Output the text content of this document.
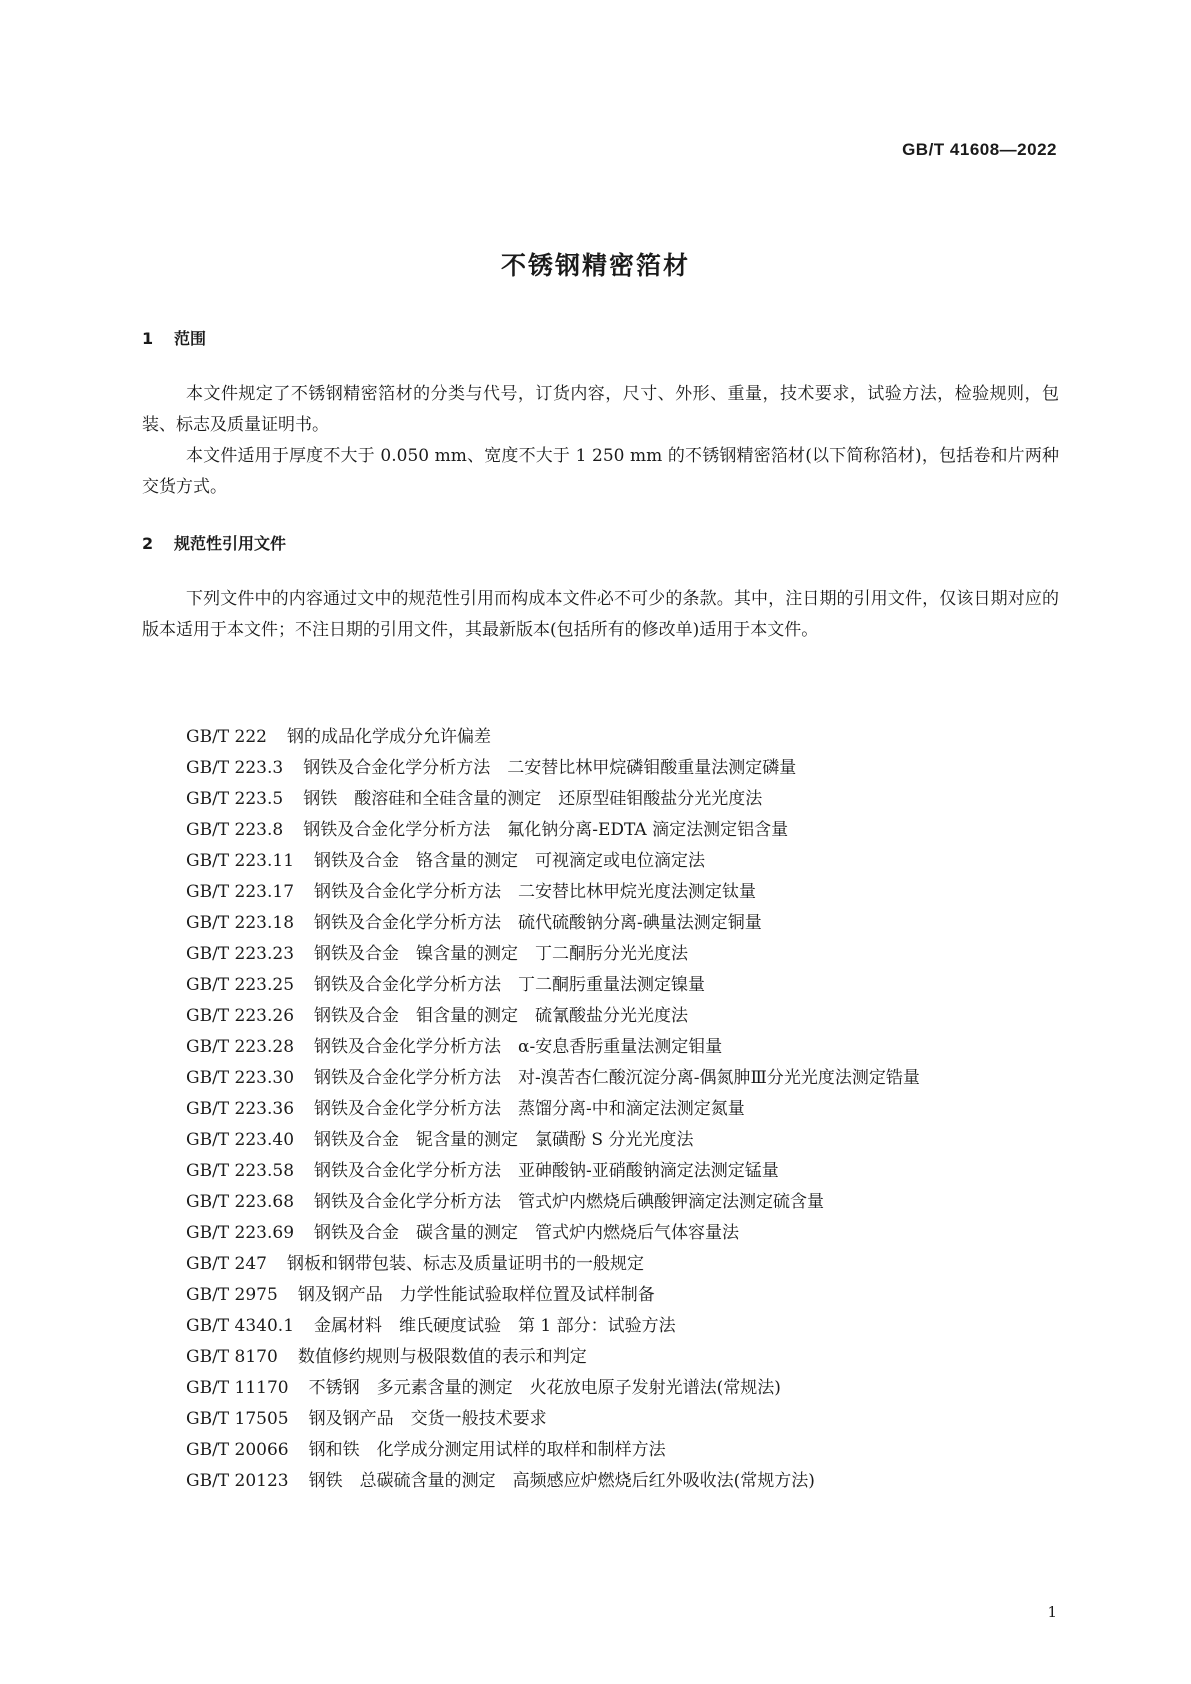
GB/T 41608—2022

不锈钢精密箔材
1 范围

本文件规定了不锈钢精密箔材的分类与代号，订货内容，尺寸、外形、重量，技术要求，试验方法，检验规则，包装、标志及质量证明书。

本文件适用于厚度不大于 0.050 mm、宽度不大于 1 250 mm 的不锈钢精密箔材(以下简称箔材)，包括卷和片两种交货方式。

2 规范性引用文件

下列文件中的内容通过文中的规范性引用而构成本文件必不可少的条款。其中，注日期的引用文件，仅该日期对应的版本适用于本文件；不注日期的引用文件，其最新版本(包括所有的修改单)适用于本文件。

GB/T 222 钢的成品化学成分允许偏差
GB/T 223.3 钢铁及合金化学分析方法　二安替比林甲烷磷钼酸重量法测定磷量
GB/T 223.5 钢铁　酸溶硅和全硅含量的测定　还原型硅钼酸盐分光光度法
GB/T 223.8 钢铁及合金化学分析方法　氟化钠分离-EDTA 滴定法测定铝含量
GB/T 223.11 钢铁及合金　铬含量的测定　可视滴定或电位滴定法
GB/T 223.17 钢铁及合金化学分析方法　二安替比林甲烷光度法测定钛量
GB/T 223.18 钢铁及合金化学分析方法　硫代硫酸钠分离-碘量法测定铜量
GB/T 223.23 钢铁及合金　镍含量的测定　丁二酮肟分光光度法
GB/T 223.25 钢铁及合金化学分析方法　丁二酮肟重量法测定镍量
GB/T 223.26 钢铁及合金　钼含量的测定　硫氰酸盐分光光度法
GB/T 223.28 钢铁及合金化学分析方法　α-安息香肟重量法测定钼量
GB/T 223.30 钢铁及合金化学分析方法　对-溴苦杏仁酸沉淀分离-偶氮胂Ⅲ分光光度法测定锆量
GB/T 223.36 钢铁及合金化学分析方法　蒸馏分离-中和滴定法测定氮量
GB/T 223.40 钢铁及合金　铌含量的测定　氯磺酚 S 分光光度法
GB/T 223.58 钢铁及合金化学分析方法　亚砷酸钠-亚硝酸钠滴定法测定锰量
GB/T 223.68 钢铁及合金化学分析方法　管式炉内燃烧后碘酸钾滴定法测定硫含量
GB/T 223.69 钢铁及合金　碳含量的测定　管式炉内燃烧后气体容量法
GB/T 247 钢板和钢带包装、标志及质量证明书的一般规定
GB/T 2975 钢及钢产品　力学性能试验取样位置及试样制备
GB/T 4340.1 金属材料　维氏硬度试验　第 1 部分：试验方法
GB/T 8170 数值修约规则与极限数值的表示和判定
GB/T 11170 不锈钢　多元素含量的测定　火花放电原子发射光谱法(常规法)
GB/T 17505 钢及钢产品　交货一般技术要求
GB/T 20066 钢和铁　化学成分测定用试样的取样和制样方法
GB/T 20123 钢铁　总碳硫含量的测定　高频感应炉燃烧后红外吸收法(常规方法)

1
